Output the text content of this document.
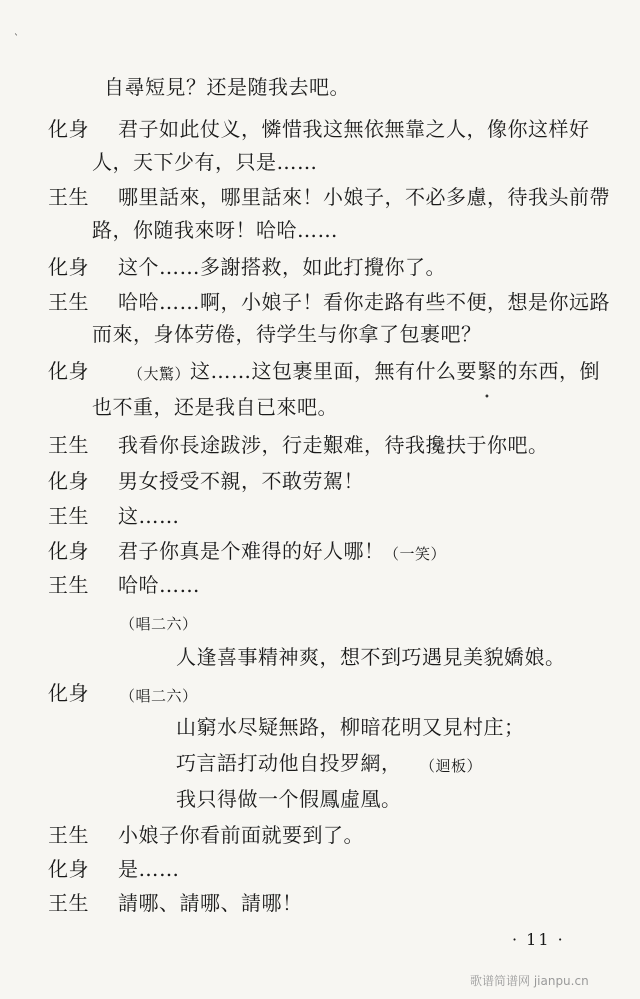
`
自尋短見？还是随我去吧。
化身	君子如此仗义，憐惜我这無依無靠之人，像你这样好
人，天下少有，只是……
王生	哪里話來，哪里話來！小娘子，不必多慮，待我头前帶
路，你随我來呀！哈哈……
化身	这个……多謝搭救，如此打攪你了。
王生	哈哈……啊，小娘子！看你走路有些不便，想是你远路
而來，身体劳倦，待学生与你拿了包裹吧？
化身	（大驚） 这……这包裹里面，無有什么要緊的东西，倒
也不重，还是我自已來吧。	•
王生	我看你長途跋涉，行走艱难，待我攙扶于你吧。
化身	男女授受不親，不敢劳駕！
王生	这……
化身	君子你真是个难得的好人哪！ （一笑）
王生	哈哈……
（唱二六）
人逢喜事精神爽，想不到巧遇見美貌嬌娘。
化身	（唱二六）
山窮水尽疑無路，柳暗花明又見村庄；
巧言語打动他自投罗網， （迴板）
我只得做一个假鳳虛凰。
王生	小娘子你看前面就要到了。
化身	是……
王生	請哪、請哪、請哪！
· 11 ·
歌谱简谱网 jianpu.cn
